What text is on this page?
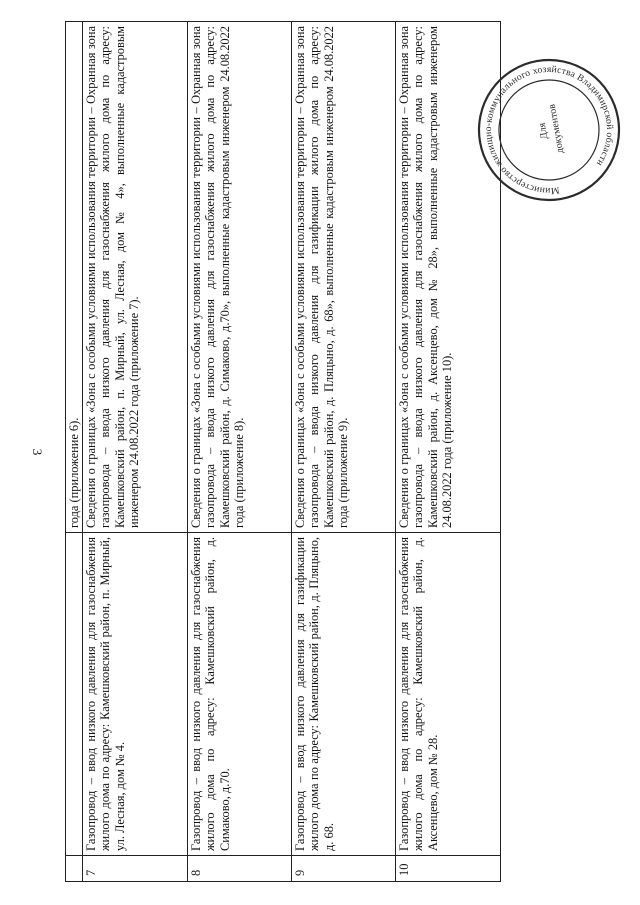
3
		года (приложение 6).
7	Газопровод – ввод низкого давления для газоснабжения жилого дома по адресу: Камешковский район, п. Мирный, ул. Лесная, дом № 4.	Сведения о границах «Зона с особыми условиями использования территории – Охранная зона газопровода – ввода низкого давления для газоснабжения жилого дома по адресу: Камешковский район, п. Мирный, ул. Лесная, дом № 4», выполненные кадастровым инженером 24.08.2022 года (приложение 7).
8	Газопровод – ввод низкого давления для газоснабжения жилого дома по адресу: Камешковский район, д. Симаково, д.70.	Сведения о границах «Зона с особыми условиями использования территории – Охранная зона газопровода – ввода низкого давления для газоснабжения жилого дома по адресу: Камешковский район, д. Симаково, д.70», выполненные кадастровым инженером 24.08.2022 года (приложение 8).
9	Газопровод – ввод низкого давления для газификации жилого дома по адресу: Камешковский район, д. Пляцыно, д. 68.	Сведения о границах «Зона с особыми условиями использования территории – Охранная зона газопровода – ввода низкого давления для газификации жилого дома по адресу: Камешковский район, д. Пляцыно, д. 68», выполненные кадастровым инженером 24.08.2022 года (приложение 9).
10	Газопровод – ввод низкого давления для газоснабжения жилого дома по адресу: Камешковский район, д. Аксенцево, дом № 28.	Сведения о границах «Зона с особыми условиями использования территории – Охранная зона газопровода – ввода низкого давления для газоснабжения жилого дома по адресу: Камешковский район, д. Аксенцево, дом № 28», выполненные кадастровым инженером 24.08.2022 года (приложение 10).
Министерство жилищно-коммунального хозяйства Владимирской области
Для
документов
